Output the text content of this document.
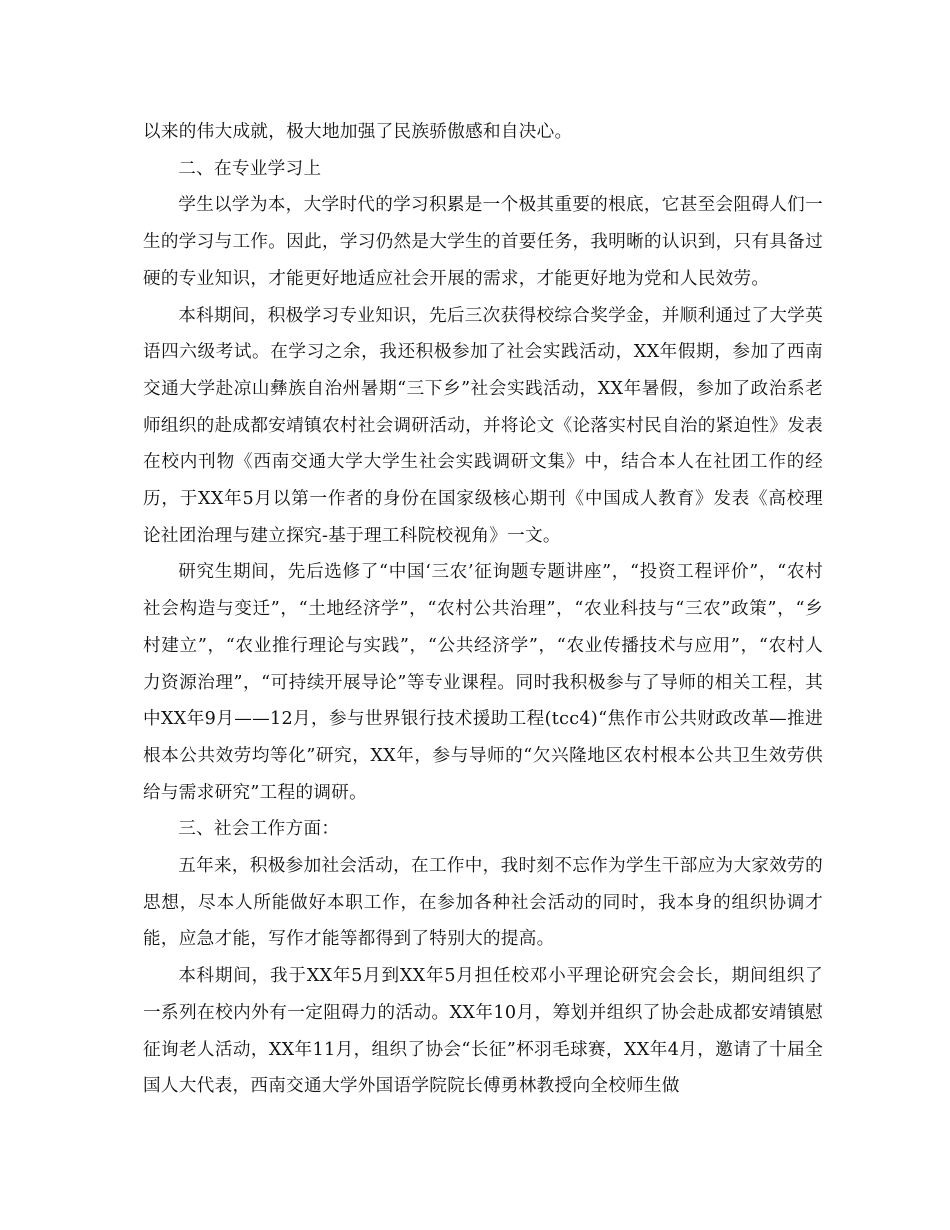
以来的伟大成就，极大地加强了民族骄傲感和自决心。

二、在专业学习上

学生以学为本，大学时代的学习积累是一个极其重要的根底，它甚至会阻碍人们一生的学习与工作。因此，学习仍然是大学生的首要任务，我明晰的认识到，只有具备过硬的专业知识，才能更好地适应社会开展的需求，才能更好地为党和人民效劳。

本科期间，积极学习专业知识，先后三次获得校综合奖学金，并顺利通过了大学英语四六级考试。在学习之余，我还积极参加了社会实践活动，XX年假期，参加了西南交通大学赴凉山彝族自治州暑期“三下乡”社会实践活动，XX年暑假，参加了政治系老师组织的赴成都安靖镇农村社会调研活动，并将论文《论落实村民自治的紧迫性》发表在校内刊物《西南交通大学大学生社会实践调研文集》中，结合本人在社团工作的经历，于XX年5月以第一作者的身份在国家级核心期刊《中国成人教育》发表《高校理论社团治理与建立探究-基于理工科院校视角》一文。

研究生期间，先后选修了“中国‘三农’征询题专题讲座”，“投资工程评价”，“农村社会构造与变迁”，“土地经济学”，“农村公共治理”，“农业科技与“三农”政策”，“乡村建立”，“农业推行理论与实践”，“公共经济学”，“农业传播技术与应用”，“农村人力资源治理”，“可持续开展导论”等专业课程。同时我积极参与了导师的相关工程，其中XX年9月——12月，参与世界银行技术援助工程(tcc4)“焦作市公共财政改革—推进根本公共效劳均等化”研究，XX年，参与导师的“欠兴隆地区农村根本公共卫生效劳供给与需求研究”工程的调研。

三、社会工作方面：

五年来，积极参加社会活动，在工作中，我时刻不忘作为学生干部应为大家效劳的思想，尽本人所能做好本职工作，在参加各种社会活动的同时，我本身的组织协调才能，应急才能，写作才能等都得到了特别大的提高。

本科期间，我于XX年5月到XX年5月担任校邓小平理论研究会会长，期间组织了一系列在校内外有一定阻碍力的活动。XX年10月，筹划并组织了协会赴成都安靖镇慰征询老人活动，XX年11月，组织了协会“长征”杯羽毛球赛，XX年4月，邀请了十届全国人大代表，西南交通大学外国语学院院长傅勇林教授向全校师生做
